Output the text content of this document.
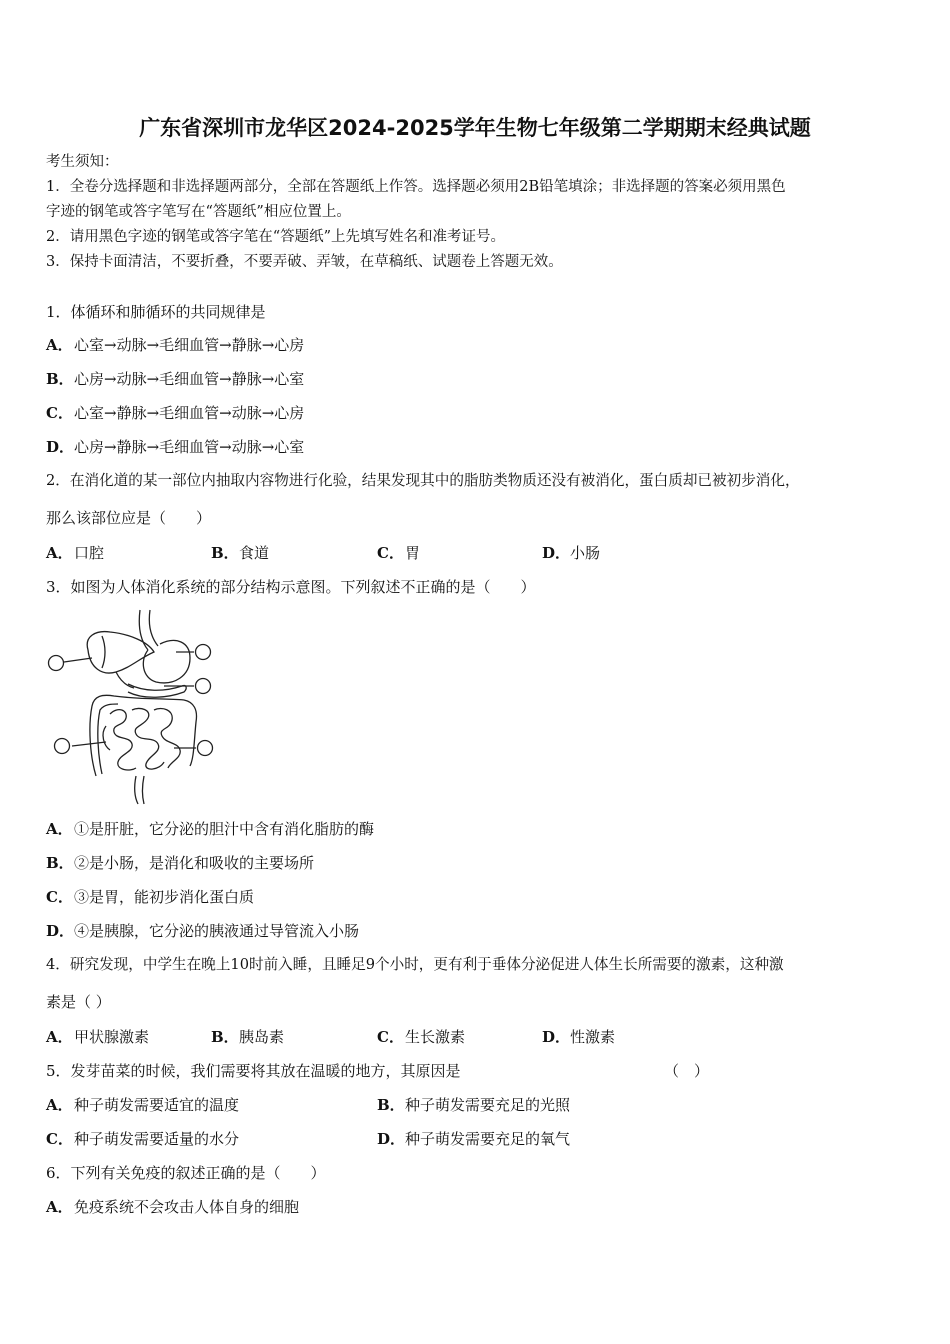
广东省深圳市龙华区2024-2025学年生物七年级第二学期期末经典试题
考生须知：
1．全卷分选择题和非选择题两部分，全部在答题纸上作答。选择题必须用2B铅笔填涂；非选择题的答案必须用黑色
字迹的钢笔或答字笔写在“答题纸”相应位置上。
2．请用黑色字迹的钢笔或答字笔在“答题纸”上先填写姓名和准考证号。
3．保持卡面清洁，不要折叠，不要弄破、弄皱，在草稿纸、试题卷上答题无效。
1．体循环和肺循环的共同规律是
A． 心室→动脉→毛细血管→静脉→心房
B． 心房→动脉→毛细血管→静脉→心室
C． 心室→静脉→毛细血管→动脉→心房
D． 心房→静脉→毛细血管→动脉→心室
2．在消化道的某一部位内抽取内容物进行化验，结果发现其中的脂肪类物质还没有被消化，蛋白质却已被初步消化，
那么该部位应是（　　）
A． 口腔	B． 食道	C． 胃	D． 小肠
3．如图为人体消化系统的部分结构示意图。下列叙述不正确的是（　　）
A． ①是肝脏，它分泌的胆汁中含有消化脂肪的酶
B． ②是小肠，是消化和吸收的主要场所
C． ③是胃，能初步消化蛋白质
D． ④是胰腺，它分泌的胰液通过导管流入小肠
4．研究发现，中学生在晚上10时前入睡，且睡足9个小时，更有利于垂体分泌促进人体生长所需要的激素，这种激
素是（ ）
A． 甲状腺激素	B． 胰岛素	C． 生长激素	D． 性激素
5．发芽苗菜的时候，我们需要将其放在温暖的地方，其原因是	（　）
A． 种子萌发需要适宜的温度	B． 种子萌发需要充足的光照
C． 种子萌发需要适量的水分	D． 种子萌发需要充足的氧气
6．下列有关免疫的叙述正确的是（　　）
A． 免疫系统不会攻击人体自身的细胞
